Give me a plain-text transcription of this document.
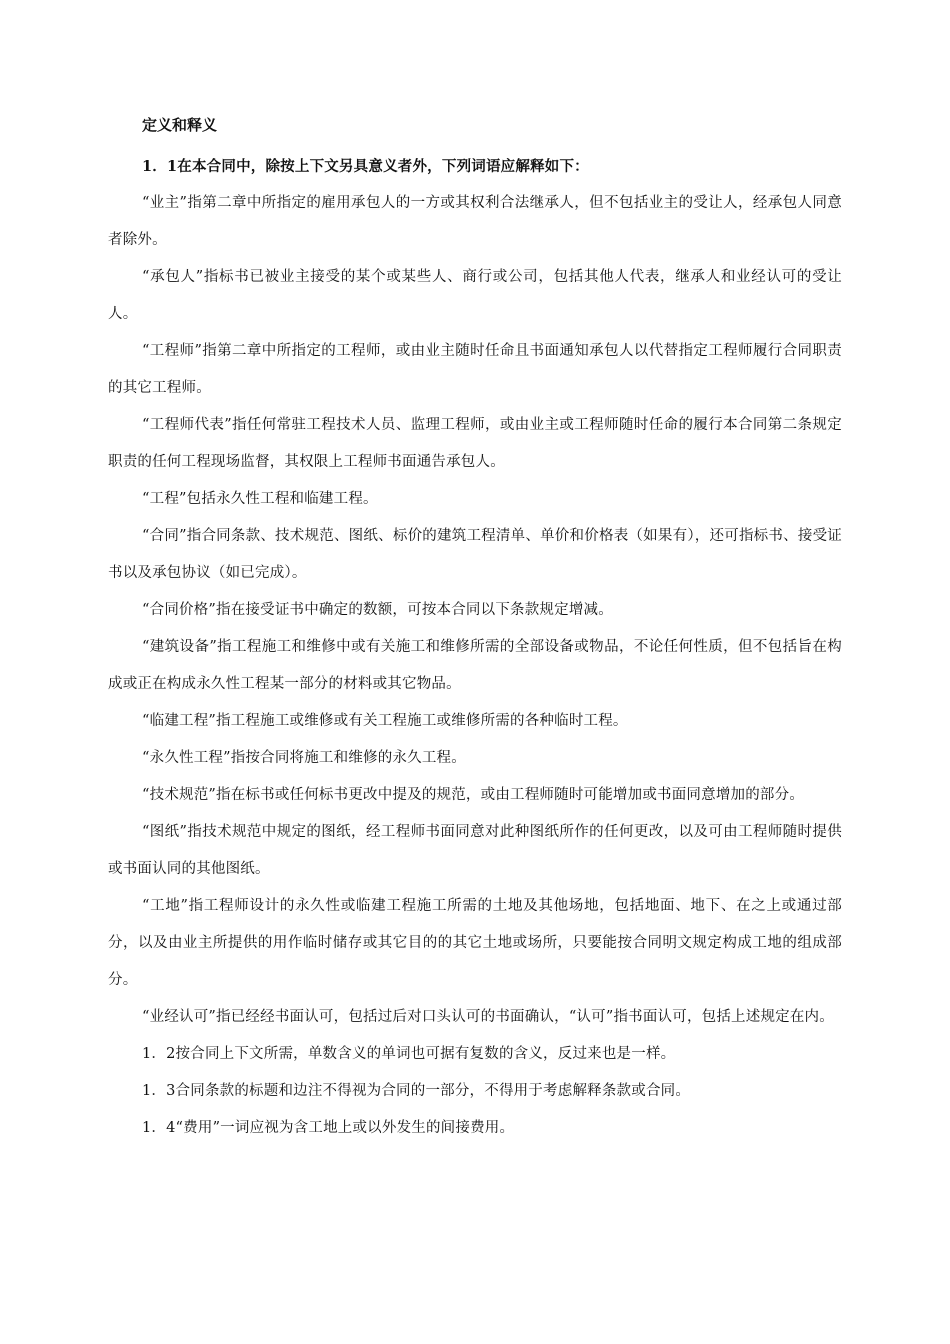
定义和释义

1．1在本合同中，除按上下文另具意义者外，下列词语应解释如下：

“业主”指第二章中所指定的雇用承包人的一方或其权利合法继承人，但不包括业主的受让人，经承包人同意者除外。

“承包人”指标书已被业主接受的某个或某些人、商行或公司，包括其他人代表，继承人和业经认可的受让人。

“工程师”指第二章中所指定的工程师，或由业主随时任命且书面通知承包人以代替指定工程师履行合同职责的其它工程师。

“工程师代表”指任何常驻工程技术人员、监理工程师，或由业主或工程师随时任命的履行本合同第二条规定职责的任何工程现场监督，其权限上工程师书面通告承包人。

“工程”包括永久性工程和临建工程。

“合同”指合同条款、技术规范、图纸、标价的建筑工程清单、单价和价格表（如果有），还可指标书、接受证书以及承包协议（如已完成）。

“合同价格”指在接受证书中确定的数额，可按本合同以下条款规定增减。

“建筑设备”指工程施工和维修中或有关施工和维修所需的全部设备或物品，不论任何性质，但不包括旨在构成或正在构成永久性工程某一部分的材料或其它物品。

“临建工程”指工程施工或维修或有关工程施工或维修所需的各种临时工程。

“永久性工程”指按合同将施工和维修的永久工程。

“技术规范”指在标书或任何标书更改中提及的规范，或由工程师随时可能增加或书面同意增加的部分。

“图纸”指技术规范中规定的图纸，经工程师书面同意对此种图纸所作的任何更改，以及可由工程师随时提供或书面认同的其他图纸。

“工地”指工程师设计的永久性或临建工程施工所需的土地及其他场地，包括地面、地下、在之上或通过部分，以及由业主所提供的用作临时储存或其它目的的其它土地或场所，只要能按合同明文规定构成工地的组成部分。

“业经认可”指已经经书面认可，包括过后对口头认可的书面确认，“认可”指书面认可，包括上述规定在内。

1．2按合同上下文所需，单数含义的单词也可据有复数的含义，反过来也是一样。

1．3合同条款的标题和边注不得视为合同的一部分，不得用于考虑解释条款或合同。

1．4“费用”一词应视为含工地上或以外发生的间接费用。
